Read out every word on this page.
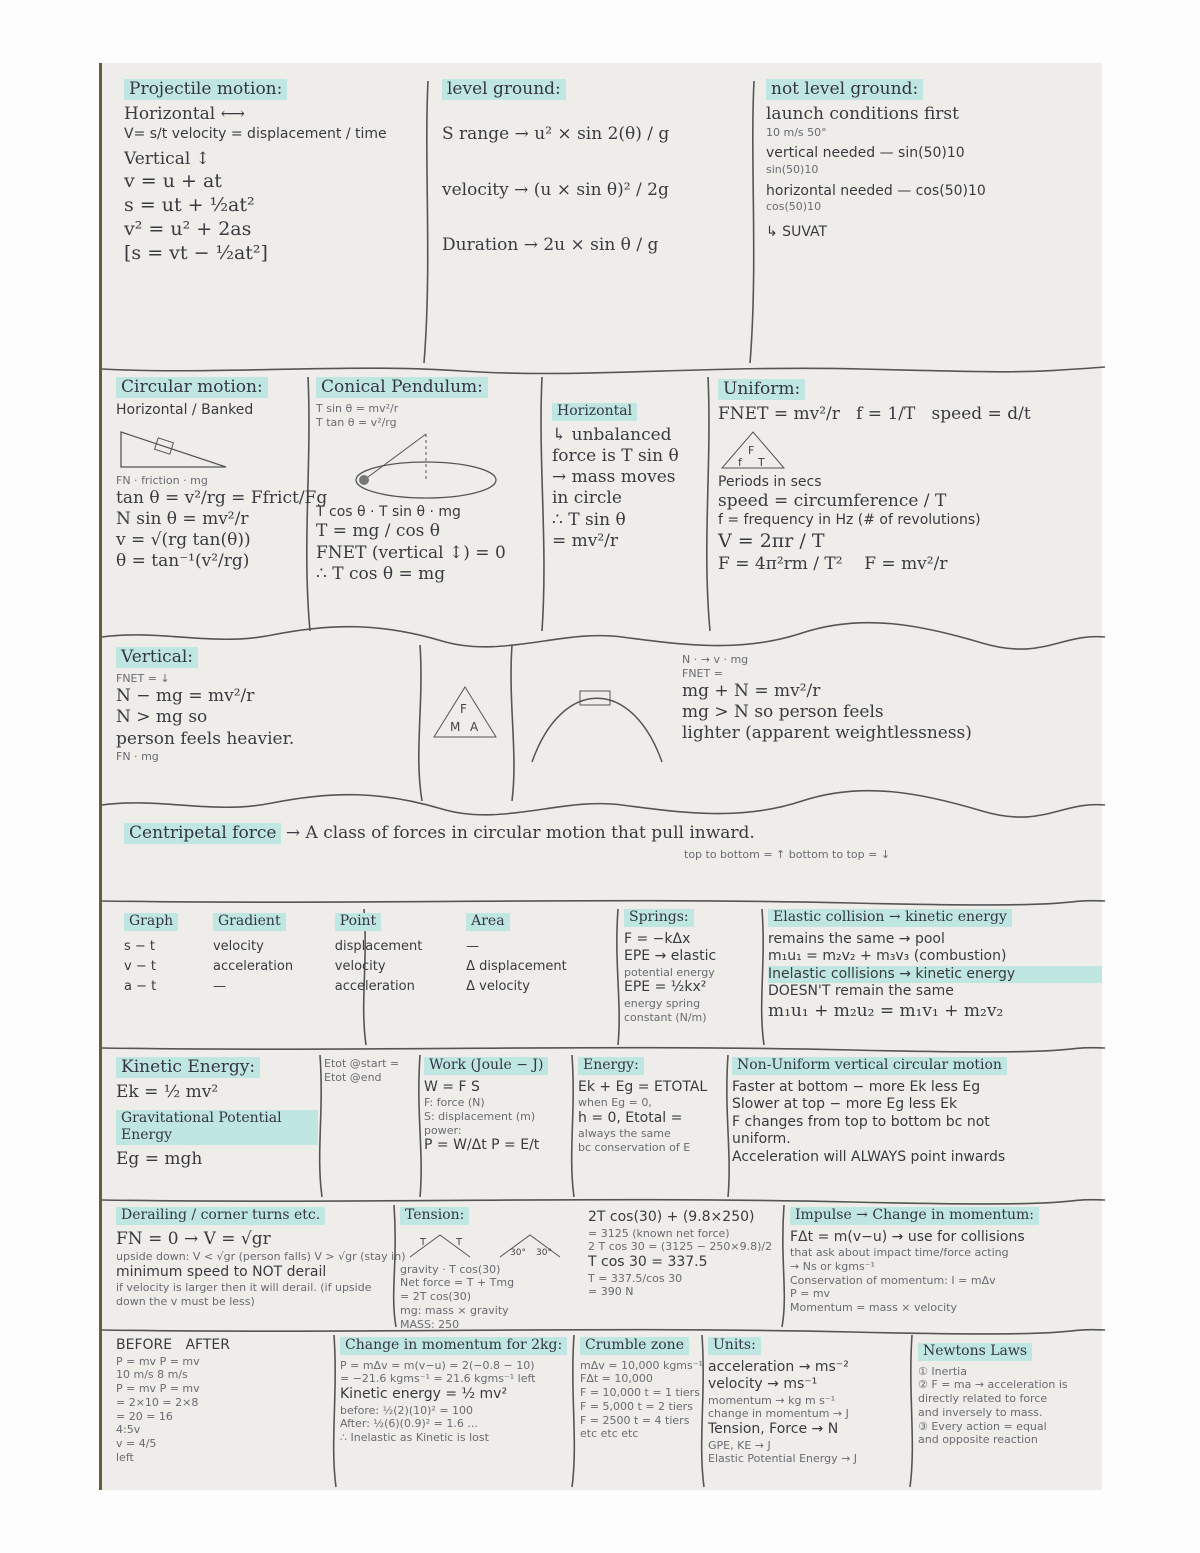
Projectile motion:
Horizontal ⟷
V= s/t velocity = displacement / time
Vertical ↕
v = u + at
s = ut + ½at²
v² = u² + 2as
[s = vt − ½at²]
level ground:
S range → u² × sin 2(θ) / g
velocity → (u × sin θ)² / 2g
Duration → 2u × sin θ / g
not level ground:
launch conditions first
10 m/s 50°
vertical needed — sin(50)10
sin(50)10
horizontal needed — cos(50)10
cos(50)10
↳ SUVAT
Circular motion:
Horizontal / Banked
FN · friction · mg
tan θ = v²/rg = Ffrict/Fg
N sin θ = mv²/r
v = √(rg tan(θ))
θ = tan⁻¹(v²/rg)
Conical Pendulum:
T sin θ = mv²/r
T tan θ = v²/rg
T cos θ · T sin θ · mg
T = mg / cos θ
FNET (vertical ↕) = 0
∴ T cos θ = mg
Horizontal
↳ unbalanced
force is T sin θ
→ mass moves
in circle
∴ T sin θ
= mv²/r
Uniform:
FNET = mv²/r f = 1/T speed = d/t
F
f T
Periods in secs
speed = circumference / T
f = frequency in Hz (# of revolutions)
V = 2πr / T
F = 4π²rm / T² F = mv²/r
Vertical:
FNET = ↓
N − mg = mv²/r
N > mg so
person feels heavier.
FN · mg
F
M A
N · → v · mg
FNET =
mg + N = mv²/r
mg > N so person feels
lighter (apparent weightlessness)
Centripetal force → A class of forces in circular motion that pull inward.
top to bottom = ↑ bottom to top = ↓
Graph	Gradient	Point	Area
s − t	velocity	displacement	—
v − t	acceleration	velocity	Δ displacement
a − t	—	acceleration	Δ velocity
Springs:
F = −kΔx
EPE → elastic
potential energy
EPE = ½kx²
energy spring
constant (N/m)
Elastic collision → kinetic energy
remains the same → pool
m₁u₁ = m₂v₂ + m₃v₃ (combustion)
Inelastic collisions → kinetic energy
DOESN'T remain the same
m₁u₁ + m₂u₂ = m₁v₁ + m₂v₂
Kinetic Energy:
Ek = ½ mv²
Gravitational Potential Energy
Eg = mgh
Etot @start = Etot @end
Work (Joule − J)
W = F S
F: force (N)
S: displacement (m)
power:
P = W/Δt P = E/t
Energy:
Ek + Eg = ETOTAL
when Eg = 0,
h = 0, Etotal =
always the same
bc conservation of E
Non-Uniform vertical circular motion
Faster at bottom − more Ek less Eg
Slower at top − more Eg less Ek
F changes from top to bottom bc not
uniform.
Acceleration will ALWAYS point inwards
Derailing / corner turns etc.
FN = 0 → V = √gr
upside down: V < √gr (person falls) V > √gr (stay in)
minimum speed to NOT derail
if velocity is larger then it will derail. (if upside down the v must be less)
Tension:
T	T
30° 30°
gravity · T cos(30)
Net force = T + Tmg
= 2T cos(30)
mg: mass × gravity
MASS: 250
2T cos(30) + (9.8×250)
= 3125 (known net force)
2 T cos 30 = (3125 − 250×9.8)/2
T cos 30 = 337.5
T = 337.5/cos 30
= 390 N
Impulse → Change in momentum:
FΔt = m(v−u) → use for collisions
that ask about impact time/force acting
→ Ns or kgms⁻¹
Conservation of momentum: I = mΔv
P = mv
Momentum = mass × velocity
BEFORE AFTER
P = mv P = mv
10 m/s 8 m/s
P = mv P = mv
= 2×10 = 2×8
= 20 = 16
4:5v
v = 4/5
left
Change in momentum for 2kg:
P = mΔv = m(v−u) = 2(−0.8 − 10)
= −21.6 kgms⁻¹ = 21.6 kgms⁻¹ left
Kinetic energy = ½ mv²
before: ½(2)(10)² = 100
After: ½(6)(0.9)² = 1.6 ...
∴ Inelastic as Kinetic is lost
Crumble zone
mΔv = 10,000 kgms⁻¹
FΔt = 10,000
F = 10,000 t = 1 tiers
F = 5,000 t = 2 tiers
F = 2500 t = 4 tiers
etc etc etc
Units:
acceleration → ms⁻²
velocity → ms⁻¹
momentum → kg m s⁻¹
change in momentum → J
Tension, Force → N
GPE, KE → J
Elastic Potential Energy → J
Newtons Laws
① Inertia
② F = ma → acceleration is
directly related to force
and inversely to mass.
③ Every action = equal
and opposite reaction
